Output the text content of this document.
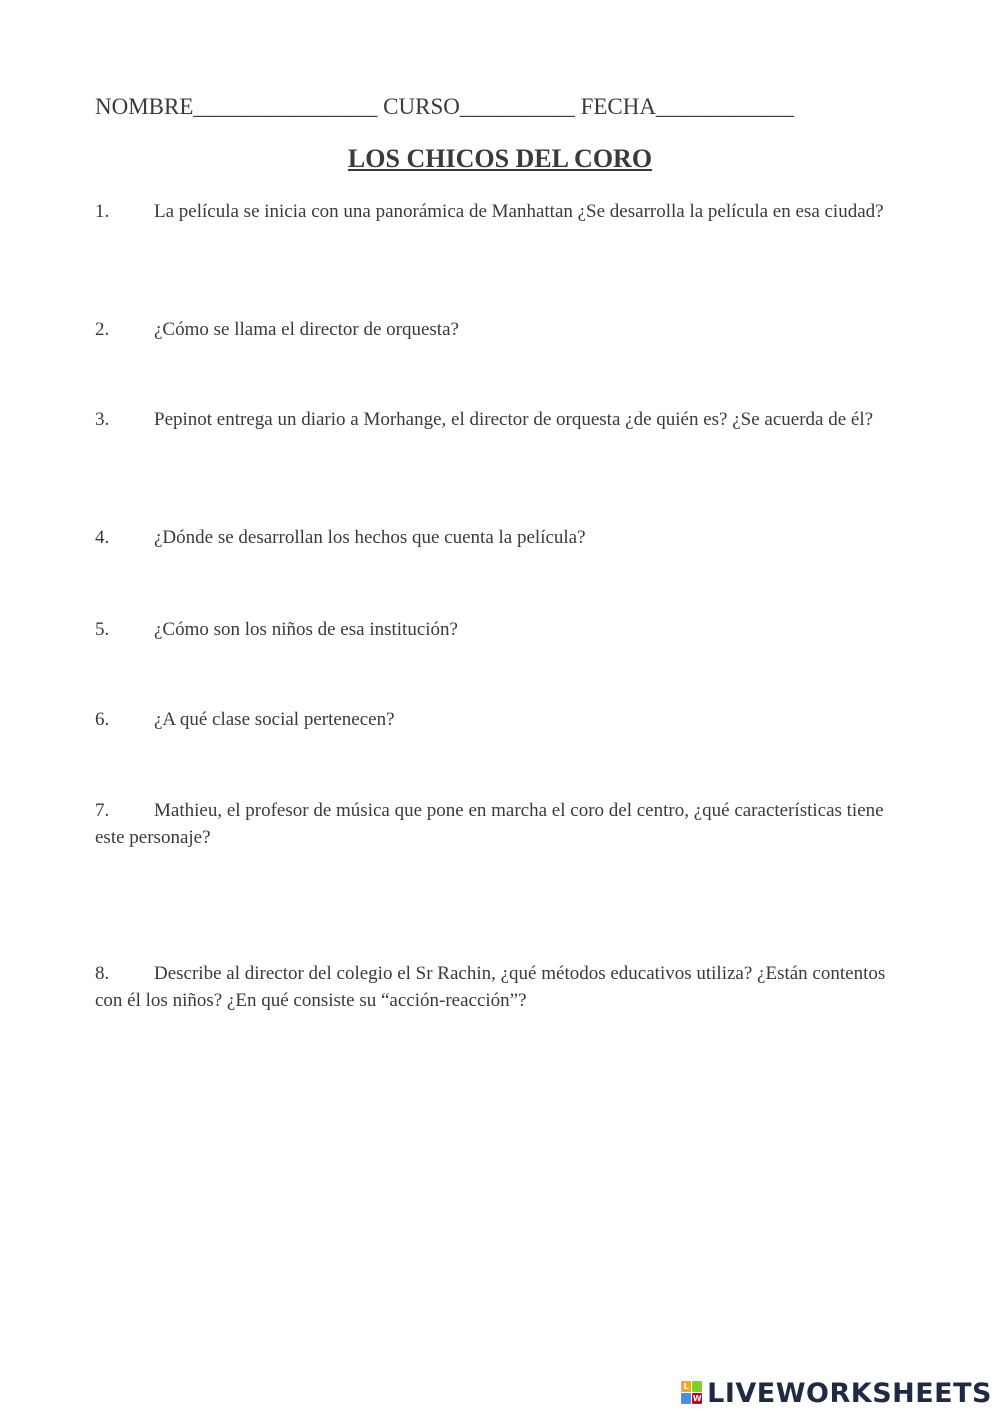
NOMBRE________________ CURSO__________ FECHA____________
LOS CHICOS DEL CORO
1. La película se inicia con una panorámica de Manhattan ¿Se desarrolla la película en esa ciudad?
2. ¿Cómo se llama el director de orquesta?
3. Pepinot entrega un diario a Morhange, el director de orquesta ¿de quién es? ¿Se acuerda de él?
4. ¿Dónde se desarrollan los hechos que cuenta la película?
5. ¿Cómo son los niños de esa institución?
6. ¿A qué clase social pertenecen?
7. Mathieu, el profesor de música que pone en marcha el coro del centro, ¿qué características tiene este personaje?
8. Describe al director del colegio el Sr Rachin, ¿qué métodos educativos utiliza? ¿Están contentos con él los niños? ¿En qué consiste su “acción-reacción”?
L
W LIVEWORKSHEETS
